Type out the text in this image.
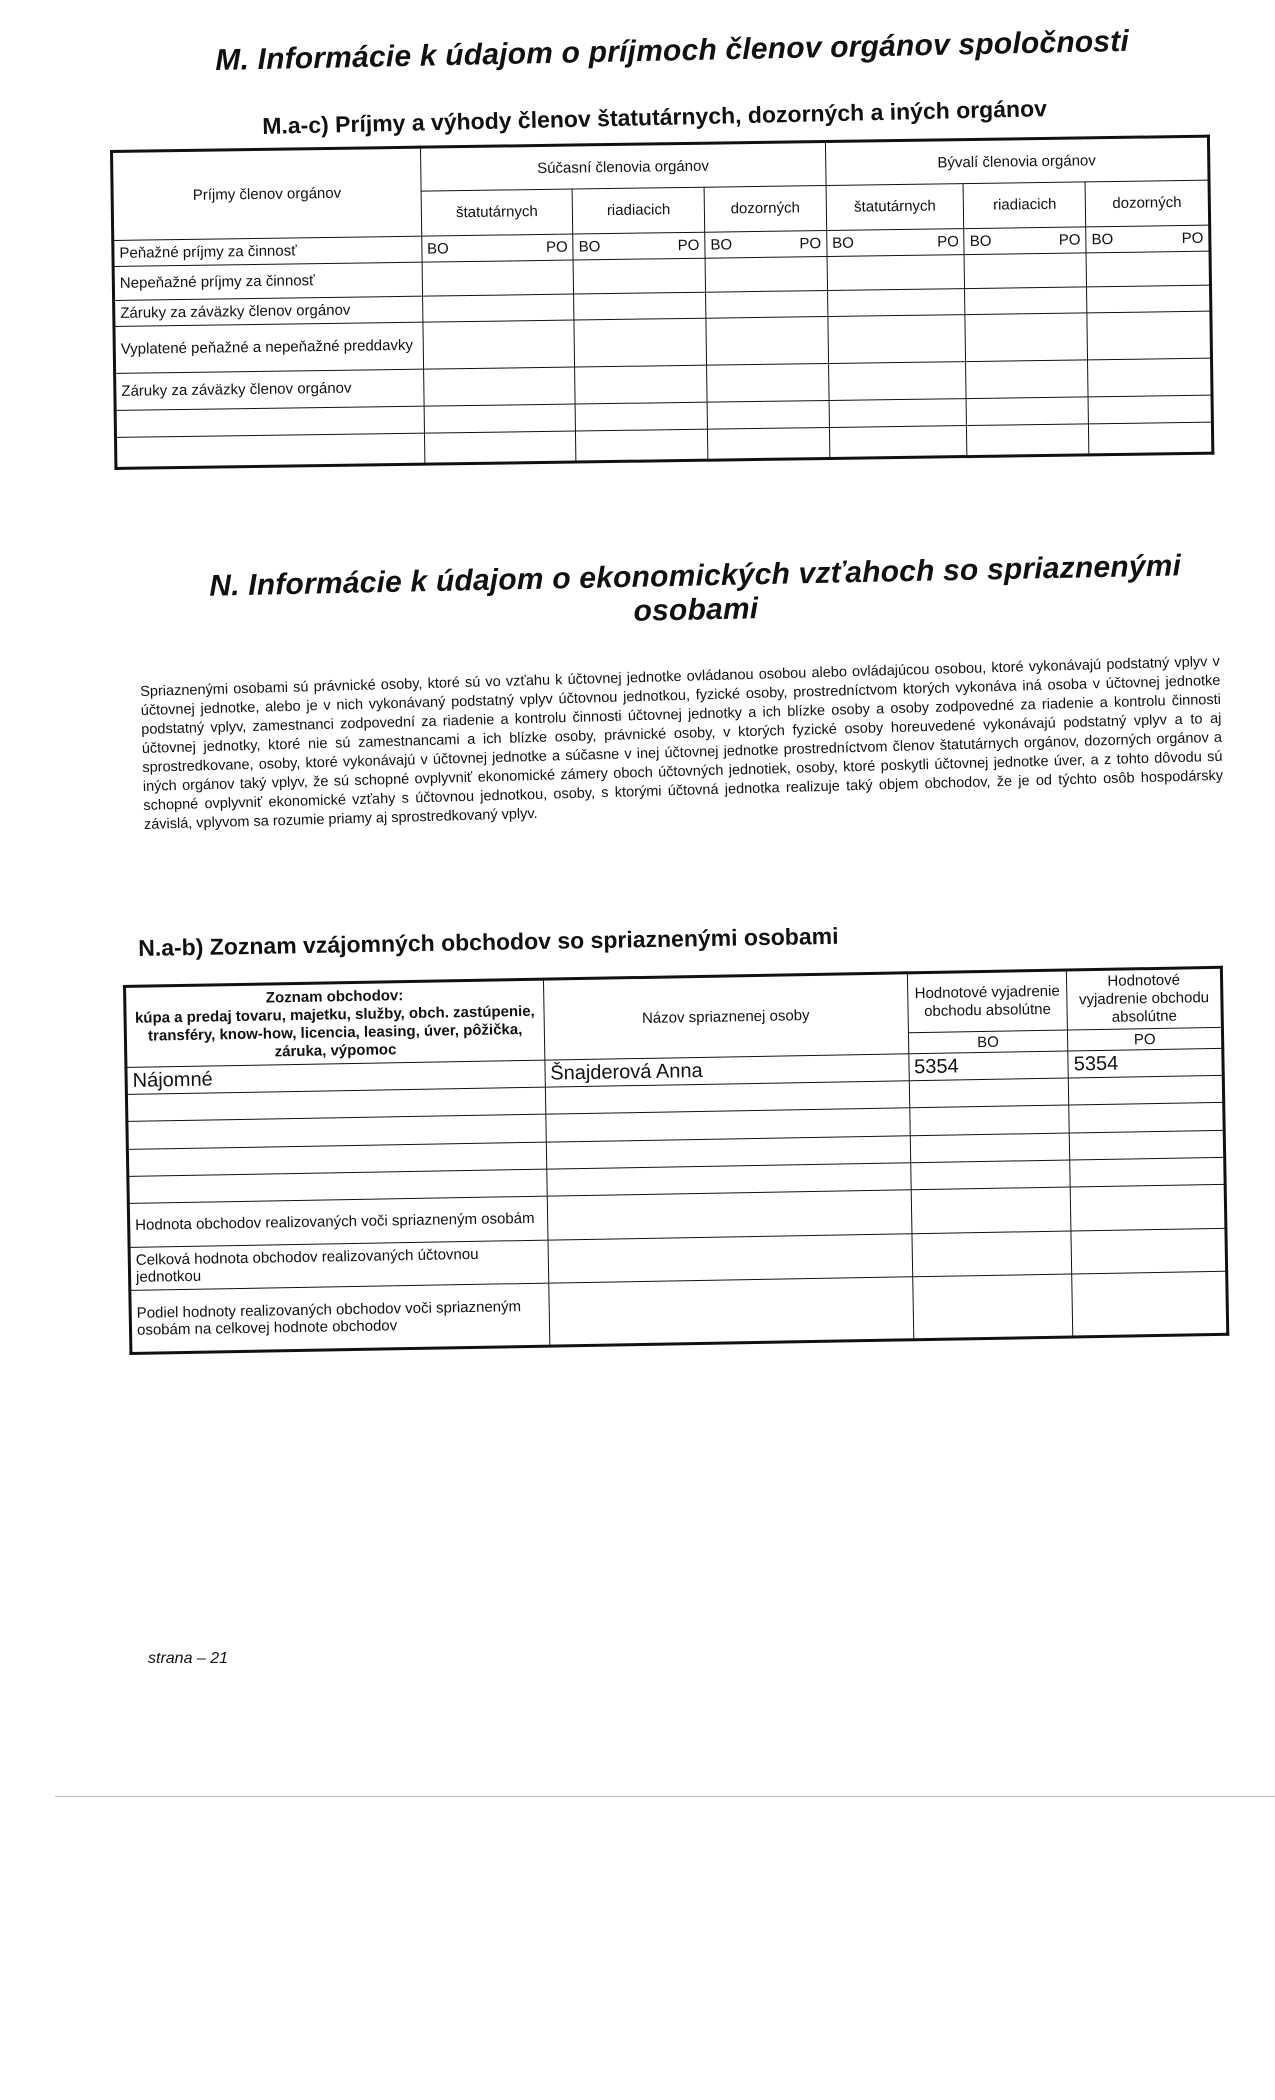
M. Informácie k údajom o príjmoch členov orgánov spoločnosti
M.a-c) Príjmy a výhody členov štatutárnych, dozorných a iných orgánov
Príjmy členov orgánov	Súčasní členovia orgánov			Bývalí členovia orgánov		
	štatutárnych	riadiacich	dozorných	štatutárnych	riadiacich	dozorných
Peňažné príjmy za činnosť	BO PO	BO PO	BO PO	BO PO	BO PO	BO PO

Nepeňažné príjmy za činnosť						
Záruky za záväzky členov orgánov						
Vyplatené peňažné a nepeňažné preddavky						
Záruky za záväzky členov orgánov						

N. Informácie k údajom o ekonomických vzťahoch so spriaznenými
osobami
Spriaznenými osobami sú právnické osoby, ktoré sú vo vzťahu k účtovnej jednotke ovládanou osobou alebo ovládajúcou osobou, ktoré vykonávajú podstatný vplyv v účtovnej jednotke, alebo je v nich vykonávaný podstatný vplyv účtovnou jednotkou, fyzické osoby, prostredníctvom ktorých vykonáva iná osoba v účtovnej jednotke podstatný vplyv, zamestnanci zodpovední za riadenie a kontrolu činnosti účtovnej jednotky a ich blízke osoby a osoby zodpovedné za riadenie a kontrolu činnosti účtovnej jednotky, ktoré nie sú zamestnancami a ich blízke osoby, právnické osoby, v ktorých fyzické osoby horeuvedené vykonávajú podstatný vplyv a to aj sprostredkovane, osoby, ktoré vykonávajú v účtovnej jednotke a súčasne v inej účtovnej jednotke prostredníctvom členov štatutárnych orgánov, dozorných orgánov a iných orgánov taký vplyv, že sú schopné ovplyvniť ekonomické zámery oboch účtovných jednotiek, osoby, ktoré poskytli účtovnej jednotke úver, a z tohto dôvodu sú schopné ovplyvniť ekonomické vzťahy s účtovnou jednotkou, osoby, s ktorými účtovná jednotka realizuje taký objem obchodov, že je od týchto osôb hospodársky závislá, vplyvom sa rozumie priamy aj sprostredkovaný vplyv.
N.a-b) Zoznam vzájomných obchodov so spriaznenými osobami
Zoznam obchodov:
kúpa a predaj tovaru, majetku, služby, obch. zastúpenie, transféry, know-how, licencia, leasing, úver, pôžička, záruka, výpomoc	Názov spriaznenej osoby	Hodnotové vyjadrenie obchodu absolútne	Hodnotové vyjadrenie obchodu absolútne
		BO	PO
Nájomné	Šnajderová Anna	5354	5354

Hodnota obchodov realizovaných voči spriazneným osobám			
Celková hodnota obchodov realizovaných účtovnou jednotkou			
Podiel hodnoty realizovaných obchodov voči spriazneným osobám na celkovej hodnote obchodov			
strana – 21
